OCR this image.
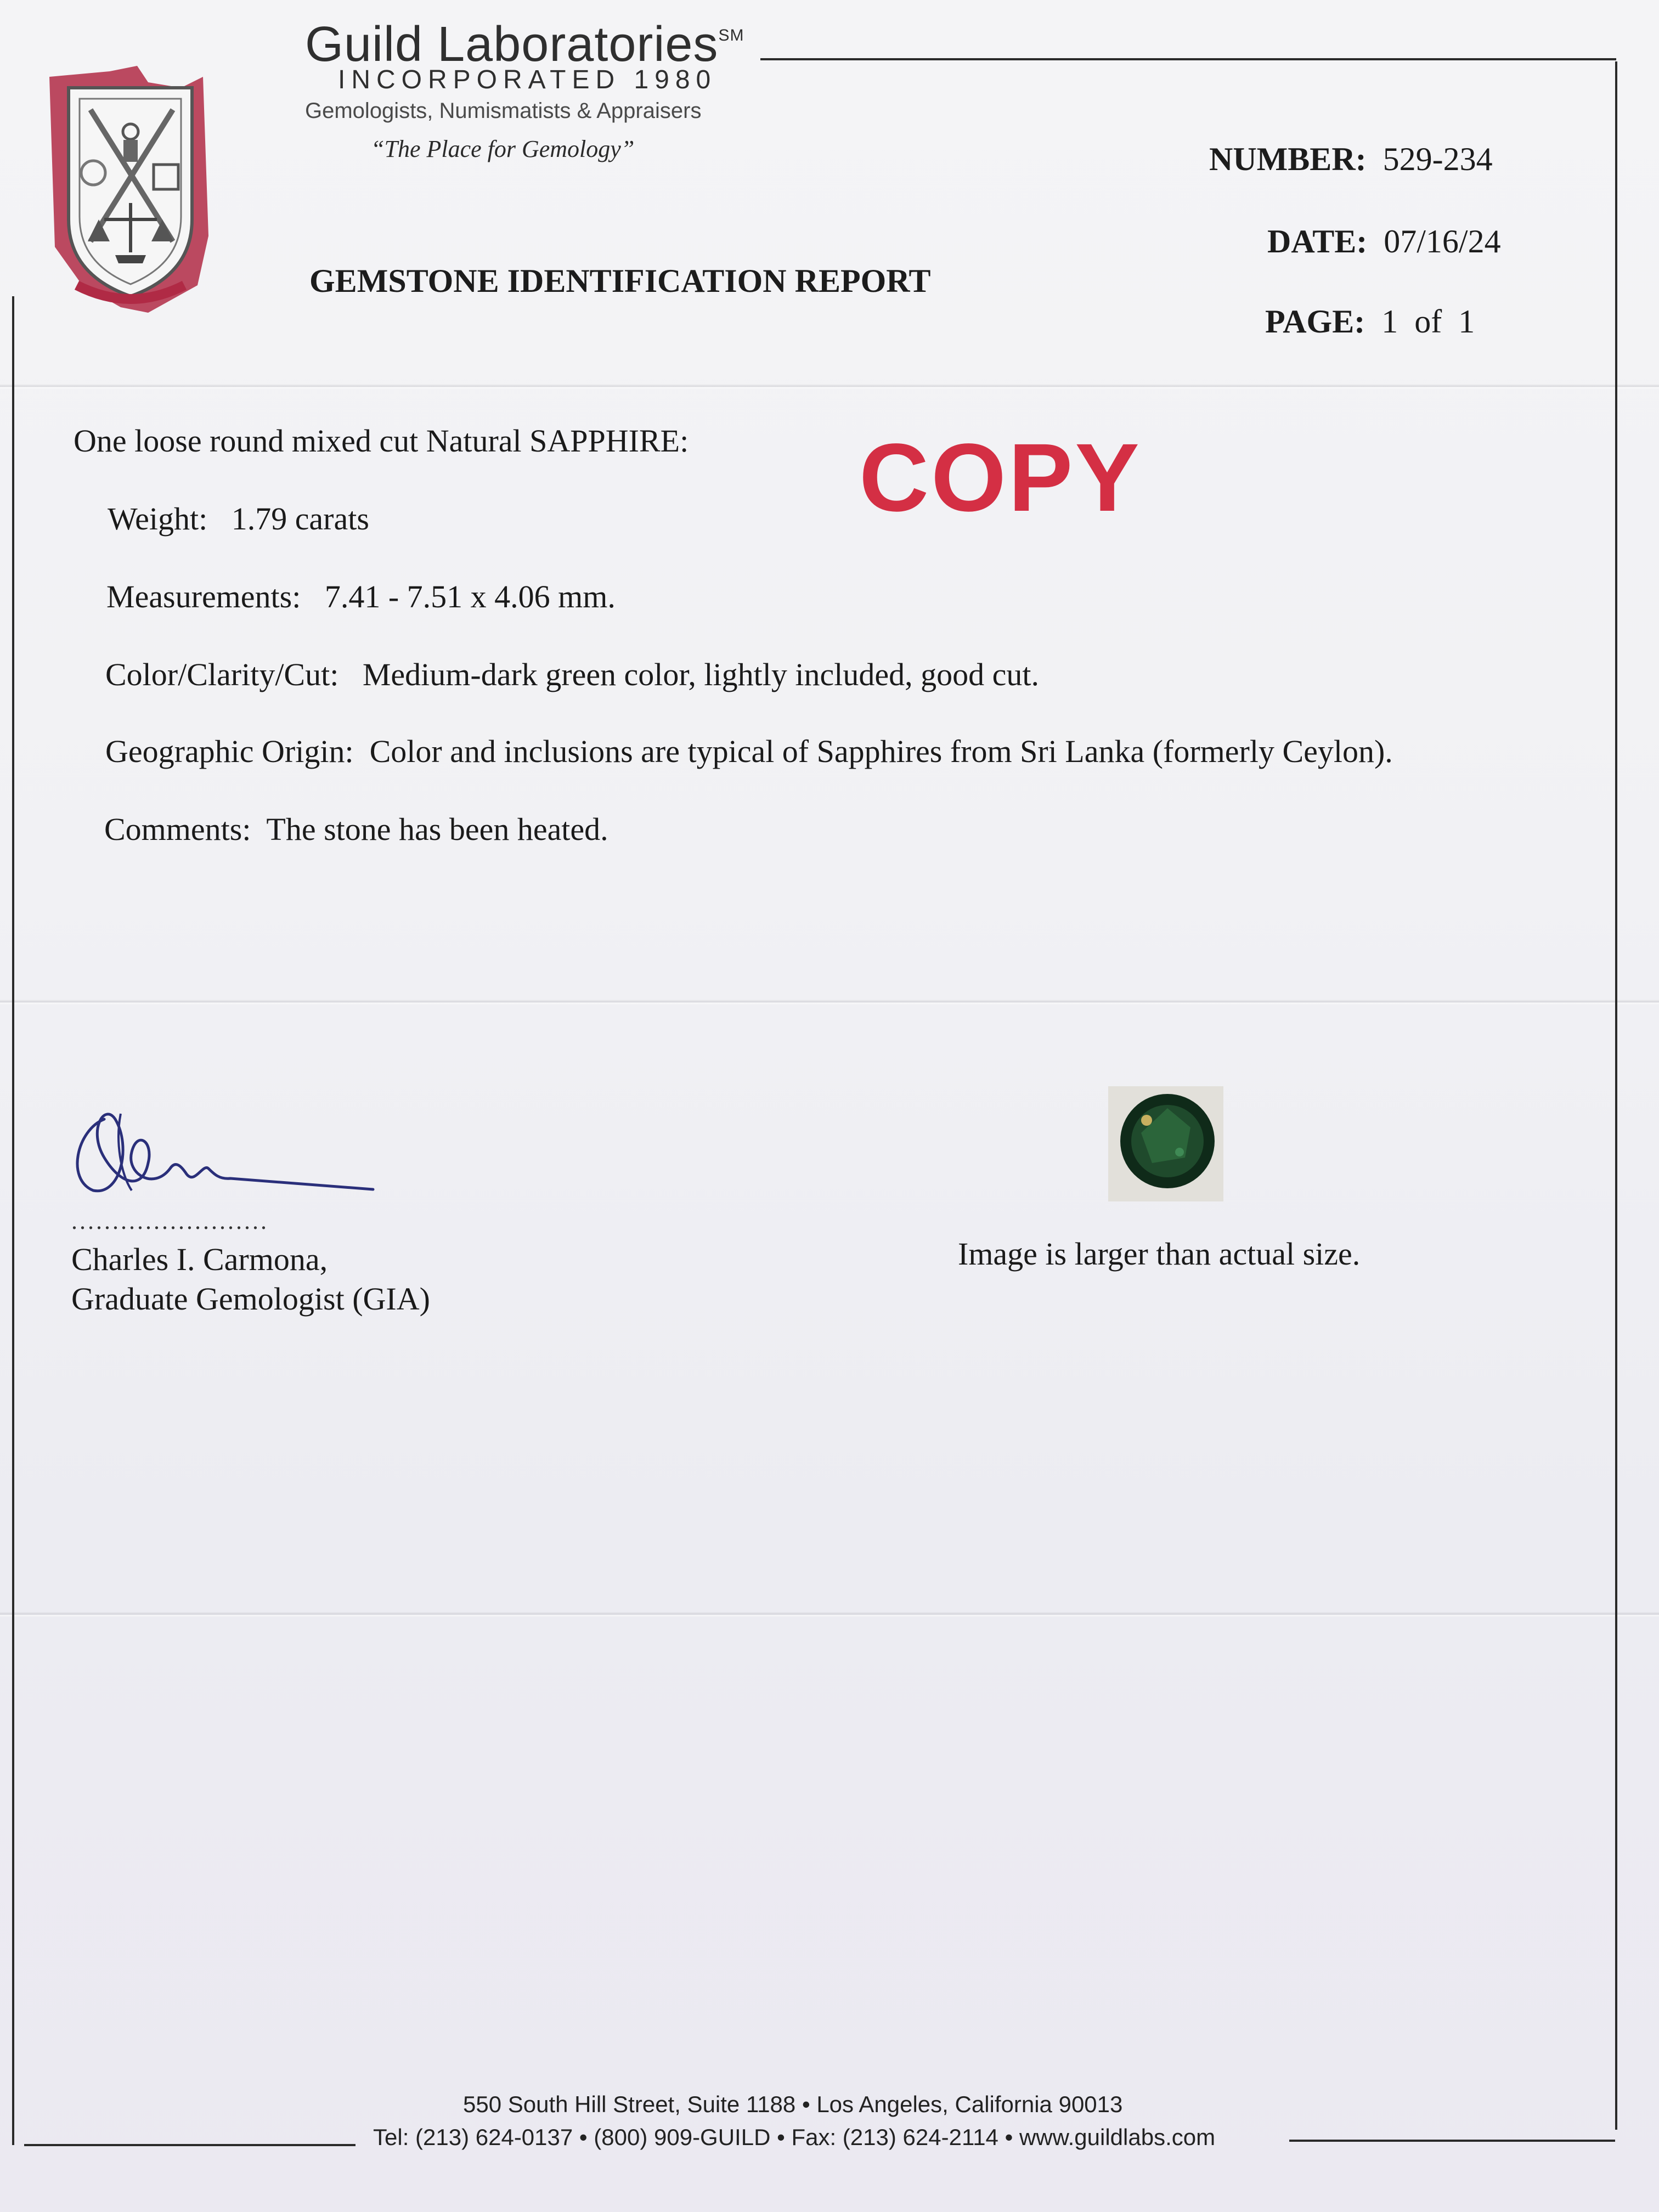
Guild Laboratories℠
INCORPORATED 1980
Gemologists, Numismatists & Appraisers
“The Place for Gemology”
GEMSTONE IDENTIFICATION REPORT
NUMBER: 529-234
DATE: 07/16/24
PAGE: 1 of 1
One loose round mixed cut Natural SAPPHIRE: COPY
Weight: 1.79 carats
Measurements: 7.41 - 7.51 x 4.06 mm.
Color/Clarity/Cut: Medium-dark green color, lightly included, good cut.
Geographic Origin: Color and inclusions are typical of Sapphires from Sri Lanka (formerly Ceylon).
Comments: The stone has been heated.
........................
Charles I. Carmona,
Graduate Gemologist (GIA)
Image is larger than actual size.
550 South Hill Street, Suite 1188 • Los Angeles, California 90013
Tel: (213) 624-0137 • (800) 909-GUILD • Fax: (213) 624-2114 • www.guildlabs.com
